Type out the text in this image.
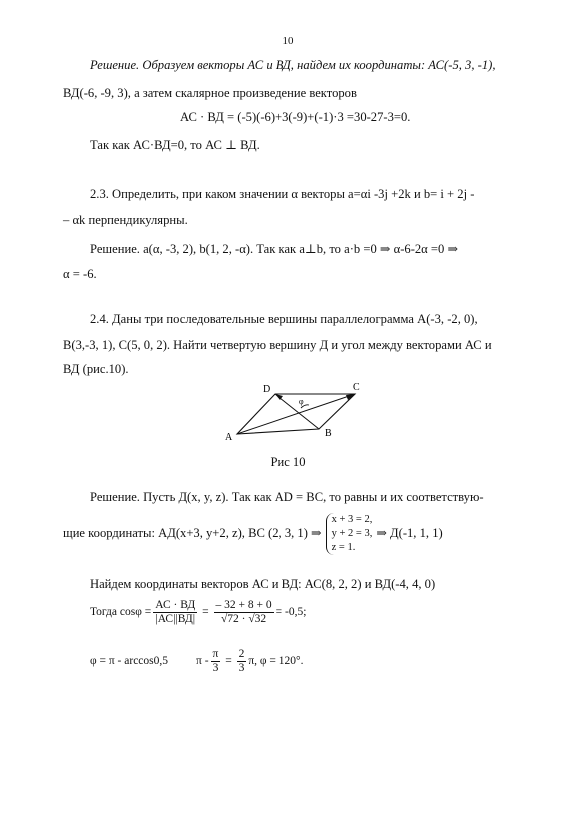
10
Решение. Образуем векторы АС и ВД, найдем их координаты: АС(-5, 3, -1),
ВД(-6, -9, 3), а затем скалярное произведение векторов
АС · ВД = (-5)(-6)+3(-9)+(-1)·3 =30-27-3=0.
Так как АС·ВД=0, то АС ⊥ ВД.
2.3. Определить, при каком значении α векторы a=αi -3j +2k и b= i + 2j -
– αk перпендикулярны.
Решение. a(α, -3, 2), b(1, 2, -α). Так как a⊥b, то a·b =0 ⇒ α-6-2α =0 ⇒
α = -6.
2.4. Даны три последовательные вершины параллелограмма А(-3, -2, 0),
В(3,-3, 1), С(5, 0, 2). Найти четвертую вершину Д и угол между векторами АС и
ВД (рис.10).
A	B
C
D
φ
Рис 10
Решение. Пусть Д(x, y, z). Так как АD = ВС, то равны и их соответствую-
щие координаты: АД(x+3, y+2, z), ВС (2, 3, 1) ⇒
x + 3 = 2,
y + 2 = 3,
z = 1.
⇒ Д(-1, 1, 1)
Найдем координаты векторов АС и ВД: АС(8, 2, 2) и ВД(-4, 4, 0)
Тогда $\cos\varphi = \frac{АС \cdot ВД}{|АС||ВД|} = \frac{- 32 + 8 + 0}{√72 \cdot √32} = -0,5$;
φ = π - arccos0,5 $\pi - \frac{\pi}{3} = \frac{2}{3} \pi$, φ = 120°.
